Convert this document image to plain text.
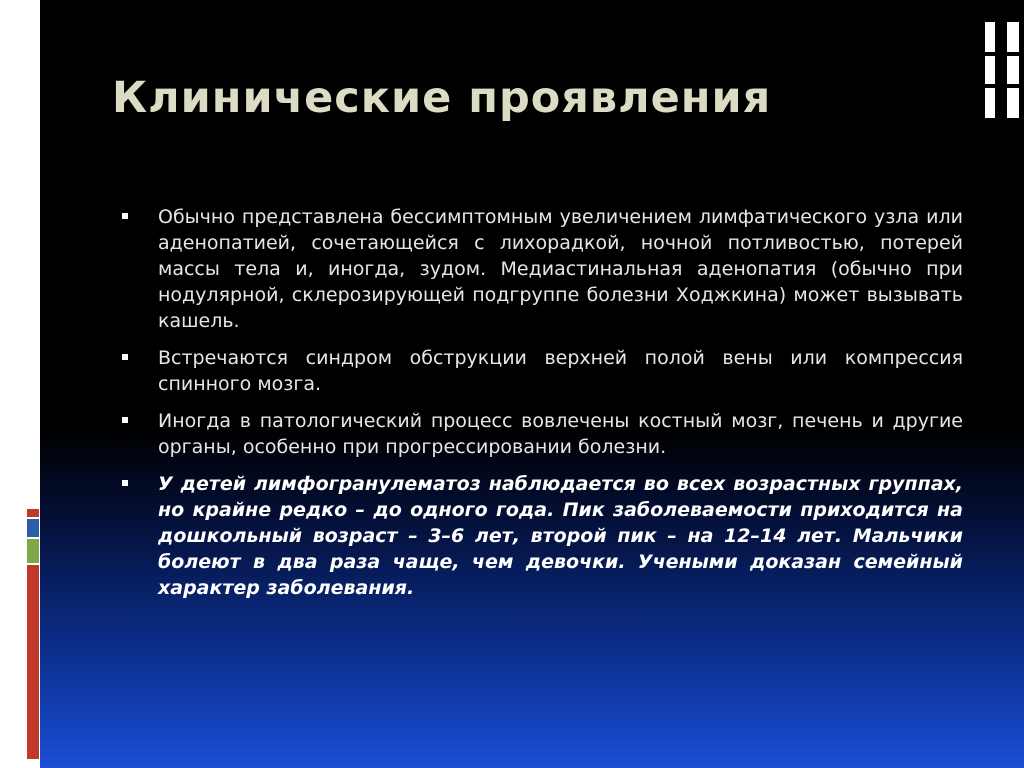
Клинические проявления
Обычно представлена бессимптомным увеличением лимфатического узла или аденопатией, сочетающейся с лихорадкой, ночной потливостью, потерей массы тела и, иногда, зудом. Медиастинальная аденопатия (обычно при нодулярной, склерозирующей подгруппе болезни Ходжкина) может вызывать кашель.
Встречаются синдром обструкции верхней полой вены или компрессия спинного мозга.
Иногда в патологический процесс вовлечены костный мозг, печень и другие органы, особенно при прогрессировании болезни.
У детей лимфогранулематоз наблюдается во всех возрастных группах, но крайне редко – до одного года. Пик заболеваемости приходится на дошкольный возраст – 3–6 лет, второй пик – на 12–14 лет. Мальчики болеют в два раза чаще, чем девочки. Учеными доказан семейный характер заболевания.
